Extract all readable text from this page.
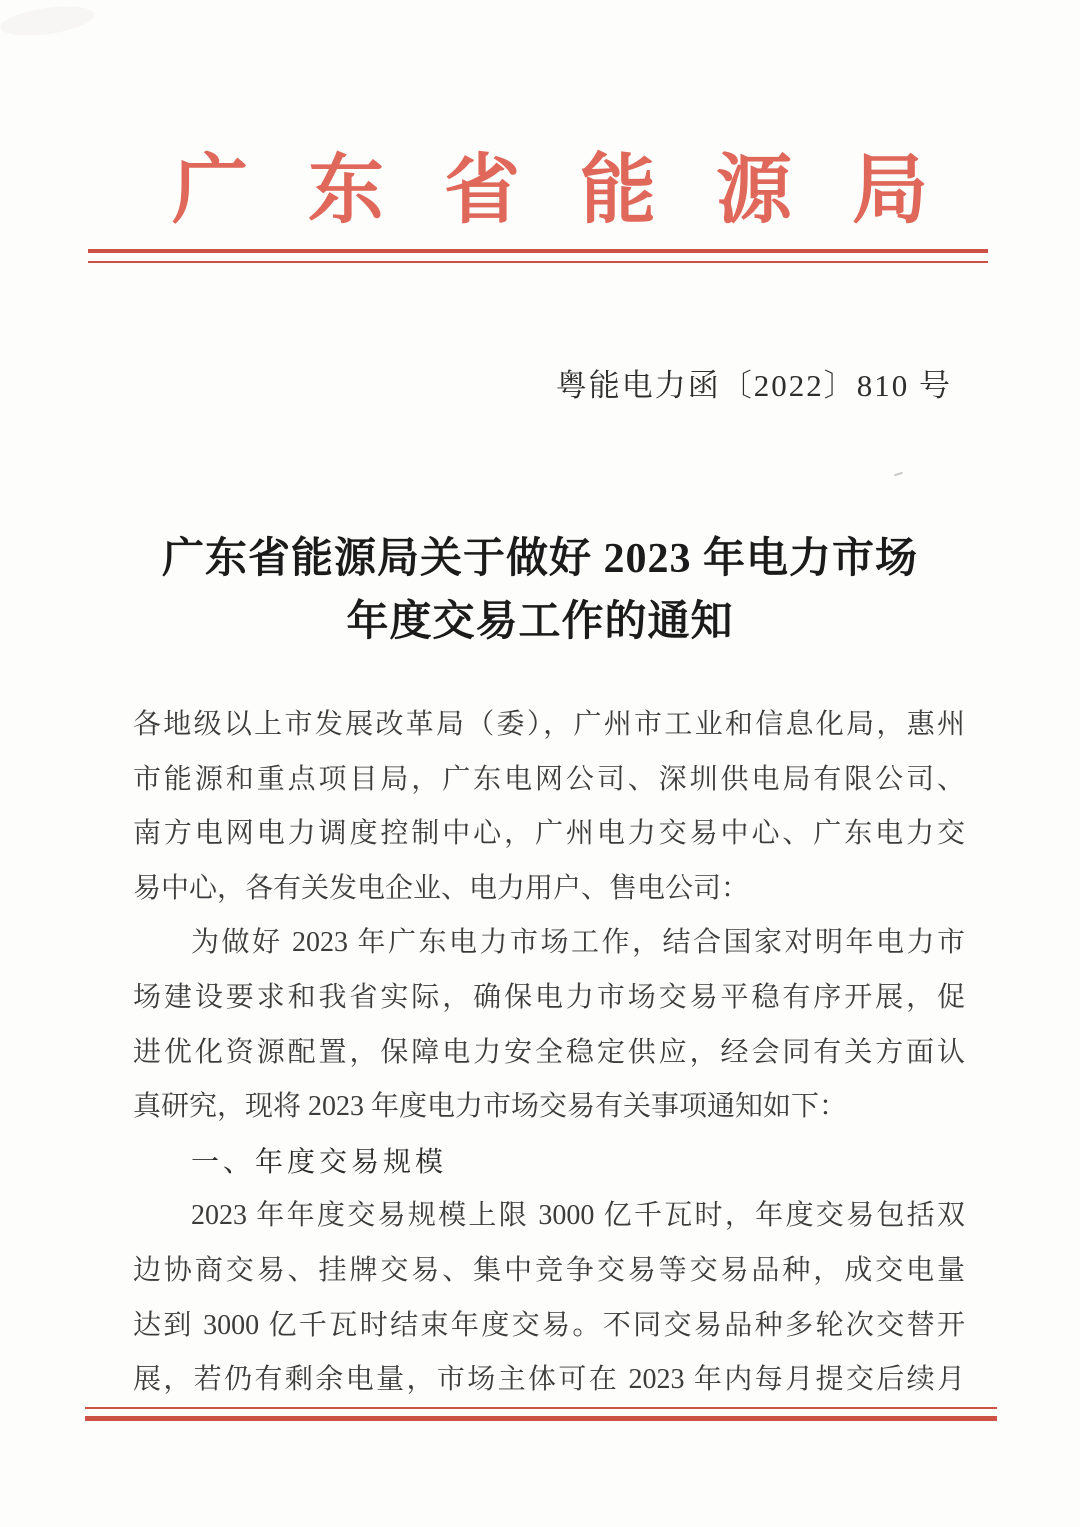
广 东 省 能 源 局
粤能电力函〔2022〕810 号
广东省能源局关于做好 2023 年电力市场
年度交易工作的通知
各地级以上市发展改革局（委），广州市工业和信息化局，惠州
市能源和重点项目局，广东电网公司、深圳供电局有限公司、
南方电网电力调度控制中心，广州电力交易中心、广东电力交
易中心，各有关发电企业、电力用户、售电公司：
为做好 2023 年广东电力市场工作，结合国家对明年电力市
场建设要求和我省实际，确保电力市场交易平稳有序开展，促
进优化资源配置，保障电力安全稳定供应，经会同有关方面认
真研究，现将 2023 年度电力市场交易有关事项通知如下：
一、年度交易规模
2023 年年度交易规模上限 3000 亿千瓦时，年度交易包括双
边协商交易、挂牌交易、集中竞争交易等交易品种，成交电量
达到 3000 亿千瓦时结束年度交易。不同交易品种多轮次交替开
展，若仍有剩余电量，市场主体可在 2023 年内每月提交后续月
